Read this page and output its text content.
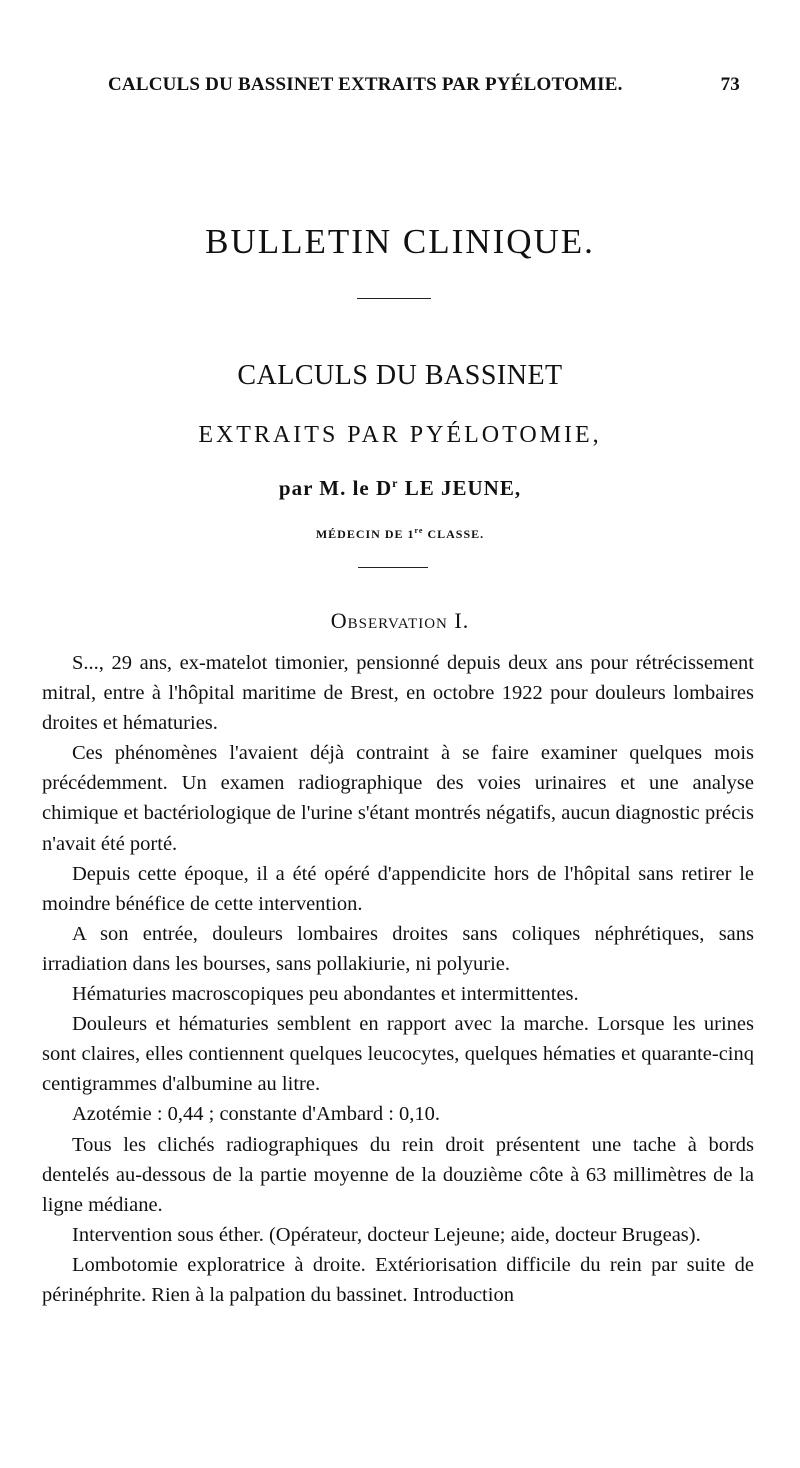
CALCULS DU BASSINET EXTRAITS PAR PYÉLOTOMIE.	73
BULLETIN CLINIQUE.
CALCULS DU BASSINET
EXTRAITS PAR PYÉLOTOMIE,
par M. le $D^r$ LE JEUNE,
MÉDECIN DE 1re CLASSE.
Observation I.

S..., 29 ans, ex-matelot timonier, pensionné depuis deux ans pour rétrécissement mitral, entre à l'hôpital maritime de Brest, en octobre 1922 pour douleurs lombaires droites et hématuries.

Ces phénomènes l'avaient déjà contraint à se faire examiner quelques mois précédemment. Un examen radiographique des voies urinaires et une analyse chimique et bactériologique de l'urine s'étant montrés négatifs, aucun diagnostic précis n'avait été porté.

Depuis cette époque, il a été opéré d'appendicite hors de l'hôpital sans retirer le moindre bénéfice de cette intervention.

A son entrée, douleurs lombaires droites sans coliques néphrétiques, sans irradiation dans les bourses, sans pollakiurie, ni polyurie.

Hématuries macroscopiques peu abondantes et intermittentes.

Douleurs et hématuries semblent en rapport avec la marche. Lorsque les urines sont claires, elles contiennent quelques leucocytes, quelques hématies et quarante-cinq centigrammes d'albumine au litre.

Azotémie : 0,44 ; constante d'Ambard : 0,10.

Tous les clichés radiographiques du rein droit présentent une tache à bords dentelés au-dessous de la partie moyenne de la douzième côte à 63 millimètres de la ligne médiane.

Intervention sous éther. (Opérateur, docteur Lejeune; aide, docteur Brugeas).

Lombotomie exploratrice à droite. Extériorisation difficile du rein par suite de périnéphrite. Rien à la palpation du bassinet. Introduction
